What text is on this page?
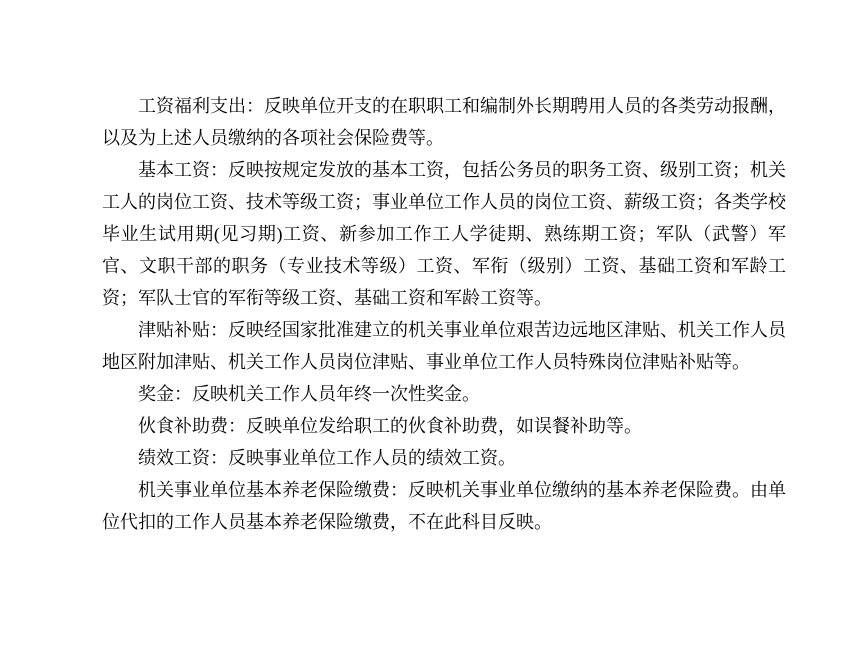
工资福利支出：反映单位开支的在职职工和编制外长期聘用人员的各类劳动报酬，以及为上述人员缴纳的各项社会保险费等。

基本工资：反映按规定发放的基本工资，包括公务员的职务工资、级别工资；机关工人的岗位工资、技术等级工资；事业单位工作人员的岗位工资、薪级工资；各类学校毕业生试用期(见习期)工资、新参加工作工人学徒期、熟练期工资；军队（武警）军官、文职干部的职务（专业技术等级）工资、军衔（级别）工资、基础工资和军龄工资；军队士官的军衔等级工资、基础工资和军龄工资等。

津贴补贴：反映经国家批准建立的机关事业单位艰苦边远地区津贴、机关工作人员地区附加津贴、机关工作人员岗位津贴、事业单位工作人员特殊岗位津贴补贴等。

奖金：反映机关工作人员年终一次性奖金。

伙食补助费：反映单位发给职工的伙食补助费，如误餐补助等。

绩效工资：反映事业单位工作人员的绩效工资。

机关事业单位基本养老保险缴费：反映机关事业单位缴纳的基本养老保险费。由单位代扣的工作人员基本养老保险缴费，不在此科目反映。
